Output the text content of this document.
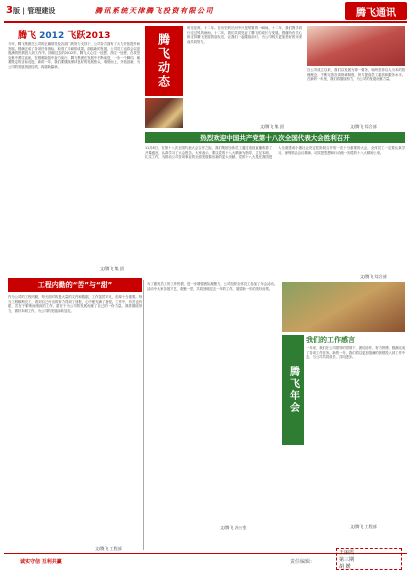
3版 | 管理建设	腾讯系统天津腾飞投资有限公司	腾飞通讯
腾飞 2012 飞跃2013
今年，腾飞集团在公司的正确领导及各部门的努力支持下，公司各方面有了大力开拓提升和发展。圆满完成了各项任务指标，取得了丰硕的成果。面临新的发展，公司员工也将会以更饱满的热情投入到工作中。回顾过去的2012年，腾飞人心往一处想、劲往一处使，在攻坚克难中勇往直前，在艰难险阻中奋力前行，腾飞集团在发展中不断前进，一步一个脚印，朝着既定的目标迈进。新的一年，我们要继续保持良好的发展势头，乘势而上，开拓创新，为公司的发展再创佳绩，再谱新篇章。
文/腾飞 集 团
腾飞动态
时光荏苒，十二年。在历史的长河中只是短暂的一瞬间。十二年，我们携手同行走过风风雨雨。十二年，我们共同见证了腾飞的成长与发展。感谢所有关心和支持腾飞发展的朋友们，让我们一起继续前行，为公司明天更加美好的未来而共同努力。
文/腾飞 集 团
自公司成立以来，我们以发展为第一要务，始终坚持以人为本的管理理念，不断完善各项规章制度，努力提高员工素质和服务水平。在新的一年里，我们将继续努力，为公司的发展贡献力量。
文/腾飞 综合部
热烈欢迎中国共产党第十八次全国代表大会胜利召开
11月8日，在第十八次全国代表大会召开之际，我们集团全体员工通过电视直播收看了开幕盛况，认真学习了大会报告。大家表示，要以党的十八大精神为指导，立足本职，扎实工作，为推动公司各项事业的全面发展做出新的更大贡献。党的十八大是在我国进入全面建成小康社会决定性阶段召开的一次十分重要的大会，全体员工一定要认真学习、深刻领会会议精神，切实把思想和行动统一到党的十八大精神上来。
文/腾飞 综合部
工程内勤的“苦”与“甜”
作为公司的工程内勤，每天面对的是大量的文件和数据，工作虽然平凡，但却十分重要。每当工程顺利完工，看到自己付出的努力得到了回报，心中便充满了喜悦。工作中，有苦也有甜，苦在于繁琐而细致的工作，甜在于为公司的发展贡献了自己的一份力量。我将继续努力，做好本职工作，为公司的发展添砖加瓦。
文/腾飞 工程部
为了激发员工的工作热情，进一步增强团队凝聚力，公司组织全体员工参加了年会活动。活动中大家各展才艺，欢聚一堂，共同回顾过去一年的工作，展望新一年的美好前景。
文/腾飞 办公室
腾飞年会
我们的工作感言
一年来，我们在公司领导的带领下，团结协作，努力拼搏，圆满完成了各项工作任务。新的一年，我们将以更加饱满的热情投入到工作中去，与公司共同成长、共同进步。
文/腾飞 工程部
诚实守信 互利共赢	责任编辑：
王丽霞
第三期
胡 媛
